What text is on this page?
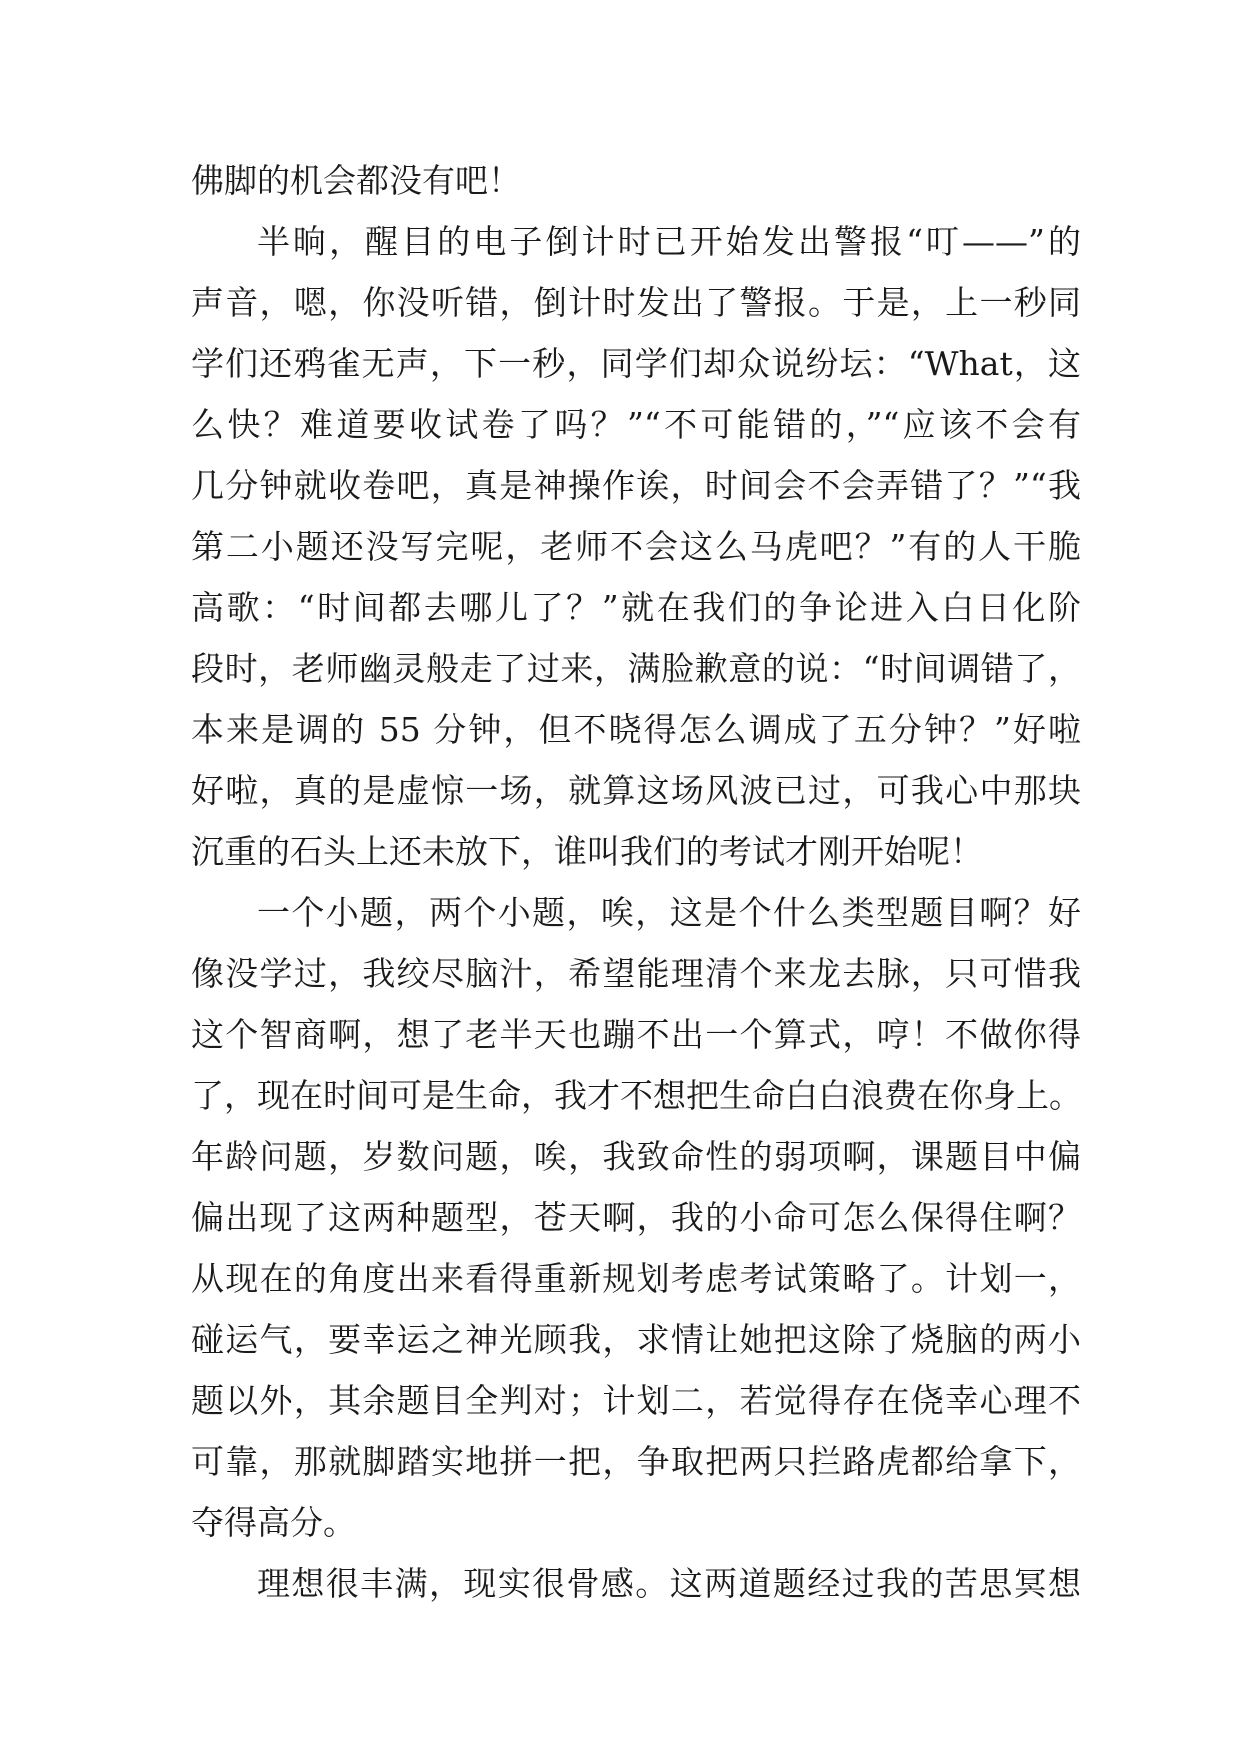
佛脚的机会都没有吧！
半晌，醒目的电子倒计时已开始发出警报“叮——”的
声音，嗯，你没听错，倒计时发出了警报。于是，上一秒同
学们还鸦雀无声，下一秒，同学们却众说纷坛：“What，这
么快？难道要收试卷了吗？”“不可能错的，”“应该不会有
几分钟就收卷吧，真是神操作诶，时间会不会弄错了？”“我
第二小题还没写完呢，老师不会这么马虎吧？”有的人干脆
高歌：“时间都去哪儿了？”就在我们的争论进入白日化阶
段时，老师幽灵般走了过来，满脸歉意的说：“时间调错了，
本来是调的 55 分钟，但不晓得怎么调成了五分钟？”好啦
好啦，真的是虚惊一场，就算这场风波已过，可我心中那块
沉重的石头上还未放下，谁叫我们的考试才刚开始呢！
一个小题，两个小题，唉，这是个什么类型题目啊？好
像没学过，我绞尽脑汁，希望能理清个来龙去脉，只可惜我
这个智商啊，想了老半天也蹦不出一个算式，哼！不做你得
了，现在时间可是生命，我才不想把生命白白浪费在你身上。
年龄问题，岁数问题，唉，我致命性的弱项啊，课题目中偏
偏出现了这两种题型，苍天啊，我的小命可怎么保得住啊？
从现在的角度出来看得重新规划考虑考试策略了。计划一，
碰运气，要幸运之神光顾我，求情让她把这除了烧脑的两小
题以外，其余题目全判对；计划二，若觉得存在侥幸心理不
可靠，那就脚踏实地拼一把，争取把两只拦路虎都给拿下，
夺得高分。
理想很丰满，现实很骨感。这两道题经过我的苦思冥想
